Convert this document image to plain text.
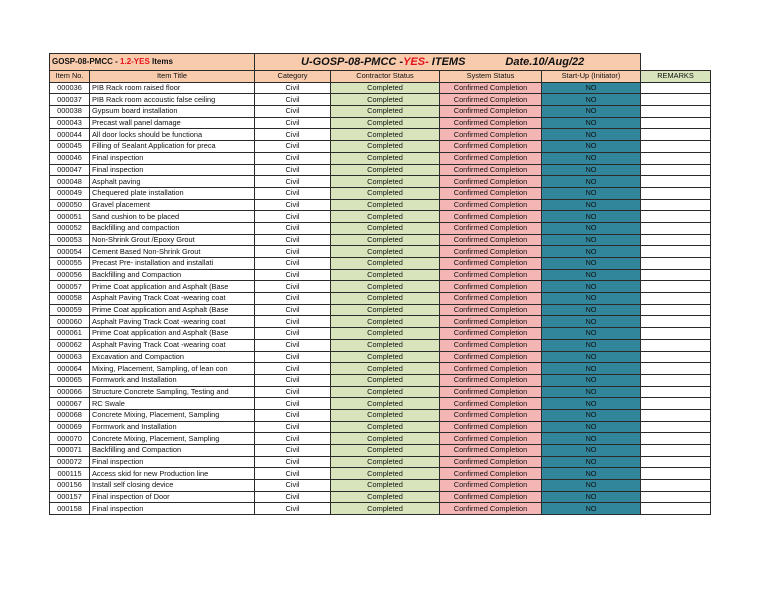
GOSP-08-PMCC - 1.2-YES Items		U-GOSP-08-PMCC -YES- ITEMS Date.10/Aug/22				
Item No.	Item Title	Category	Contractor Status	System Status	Start-Up (Initiator)	REMARKS
000036	PIB Rack room raised floor	Civil	Completed	Confirmed Completion	NO	
000037	PIB Rack room accoustic false ceiling	Civil	Completed	Confirmed Completion	NO	
000038	Gypsum board installation	Civil	Completed	Confirmed Completion	NO	
000043	Precast wall panel damage	Civil	Completed	Confirmed Completion	NO	
000044	All door locks should be functiona	Civil	Completed	Confirmed Completion	NO	
000045	Filling of Sealant Application for preca	Civil	Completed	Confirmed Completion	NO	
000046	Final inspection	Civil	Completed	Confirmed Completion	NO	
000047	Final inspection	Civil	Completed	Confirmed Completion	NO	
000048	Asphalt paving	Civil	Completed	Confirmed Completion	NO	
000049	Chequered plate installation	Civil	Completed	Confirmed Completion	NO	
000050	Gravel placement	Civil	Completed	Confirmed Completion	NO	
000051	Sand cushion to be placed	Civil	Completed	Confirmed Completion	NO	
000052	Backfilling and compaction	Civil	Completed	Confirmed Completion	NO	
000053	Non-Shrink Grout /Epoxy Grout	Civil	Completed	Confirmed Completion	NO	
000054	Cement Based Non-Shrink Grout	Civil	Completed	Confirmed Completion	NO	
000055	Precast Pre- installation and installati	Civil	Completed	Confirmed Completion	NO	
000056	Backfilling and Compaction	Civil	Completed	Confirmed Completion	NO	
000057	Prime Coat application and Asphalt (Base	Civil	Completed	Confirmed Completion	NO	
000058	Asphalt Paving Track Coat -wearing coat	Civil	Completed	Confirmed Completion	NO	
000059	Prime Coat application and Asphalt (Base	Civil	Completed	Confirmed Completion	NO	
000060	Asphalt Paving Track Coat -wearing coat	Civil	Completed	Confirmed Completion	NO	
000061	Prime Coat application and Asphalt (Base	Civil	Completed	Confirmed Completion	NO	
000062	Asphalt Paving Track Coat -wearing coat	Civil	Completed	Confirmed Completion	NO	
000063	Excavation and Compaction	Civil	Completed	Confirmed Completion	NO	
000064	Mixing, Placement, Sampling, of lean con	Civil	Completed	Confirmed Completion	NO	
000065	Formwork and Installation	Civil	Completed	Confirmed Completion	NO	
000066	Structure Concrete Sampling, Testing and	Civil	Completed	Confirmed Completion	NO	
000067	RC Swale	Civil	Completed	Confirmed Completion	NO	
000068	Concrete Mixing, Placement, Sampling	Civil	Completed	Confirmed Completion	NO	
000069	Formwork and Installation	Civil	Completed	Confirmed Completion	NO	
000070	Concrete Mixing, Placement, Sampling	Civil	Completed	Confirmed Completion	NO	
000071	Backfilling and Compaction	Civil	Completed	Confirmed Completion	NO	
000072	Final inspection	Civil	Completed	Confirmed Completion	NO	
000115	Access skid for new Production line	Civil	Completed	Confirmed Completion	NO	
000156	Install self closing device	Civil	Completed	Confirmed Completion	NO	
000157	Final inspection of Door	Civil	Completed	Confirmed Completion	NO	
000158	Final inspection	Civil	Completed	Confirmed Completion	NO	
